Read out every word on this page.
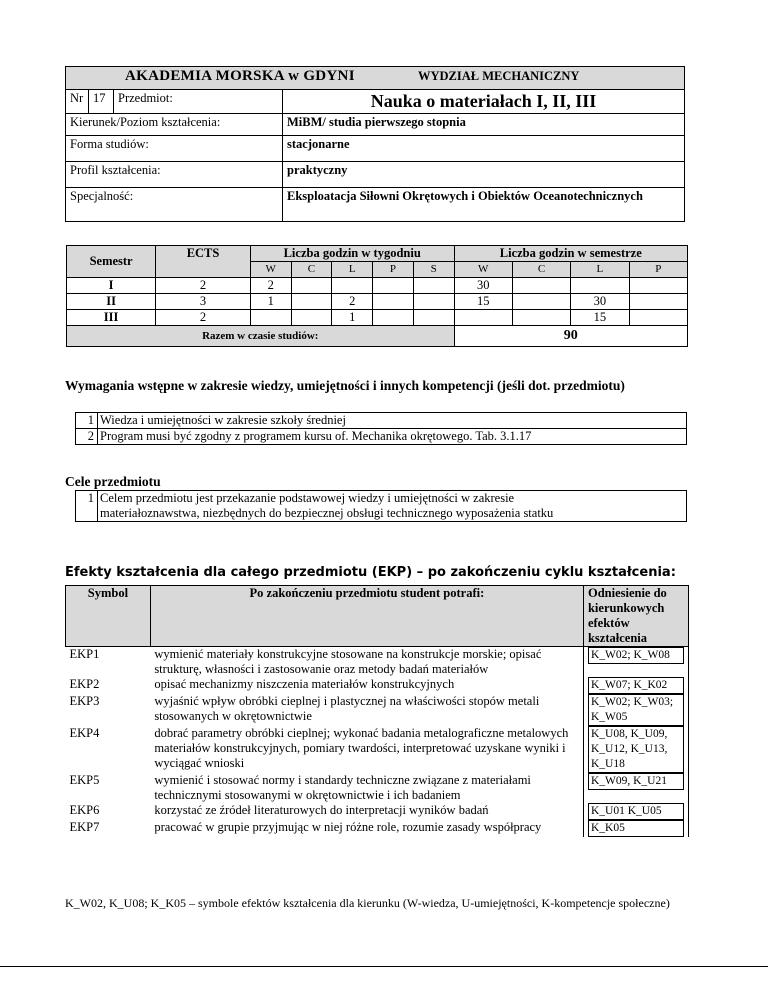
AKADEMIA MORSKA w GDYNI WYDZIAŁ MECHANICZNY			
Nr	17	Przedmiot:	Nauka o materiałach I, II, III
Kierunek/Poziom kształcenia:			MiBM/ studia pierwszego stopnia
Forma studiów:			stacjonarne
Profil kształcenia:			praktyczny
Specjalność:			Eksploatacja Siłowni Okrętowych i Obiektów Oceanotechnicznych
Semestr	ECTS	Liczba godzin w tygodniu					Liczba godzin w semestrze			
		W	C	L	P	S	W	C	L	P
I	2	2					30			
II	3	1		2			15		30	
III	2			1					15	
Razem w czasie studiów:							90			
Wymagania wstępne w zakresie wiedzy, umiejętności i innych kompetencji (jeśli dot. przedmiotu)
1	Wiedza i umiejętności w zakresie szkoły średniej
2	Program musi być zgodny z programem kursu of. Mechanika okrętowego. Tab. 3.1.17
Cele przedmiotu
1	Celem przedmiotu jest przekazanie podstawowej wiedzy i umiejętności w zakresie materiałoznawstwa, niezbędnych do bezpiecznej obsługi technicznego wyposażenia statku
Efekty kształcenia dla całego przedmiotu (EKP) – po zakończeniu cyklu kształcenia:
Symbol	Po zakończeniu przedmiotu student potrafi:	Odniesienie do kierunkowych efektów kształcenia
EKP1	wymienić materiały konstrukcyjne stosowane na konstrukcje morskie; opisać strukturę, własności i zastosowanie oraz metody badań materiałów	K_W02; K_W08

EKP2	opisać mechanizmy niszczenia materiałów konstrukcyjnych	K_W07; K_K02

EKP3	wyjaśnić wpływ obróbki cieplnej i plastycznej na właściwości stopów metali stosowanych w okrętownictwie	K_W02; K_W03; K_W05

EKP4	dobrać parametry obróbki cieplnej; wykonać badania metalograficzne metalowych materiałów konstrukcyjnych, pomiary twardości, interpretować uzyskane wyniki i wyciągać wnioski	K_U08, K_U09, K_U12, K_U13, K_U18

EKP5	wymienić i stosować normy i standardy techniczne związane z materiałami technicznymi stosowanymi w okrętownictwie i ich badaniem	K_W09, K_U21

EKP6	korzystać ze źródeł literaturowych do interpretacji wyników badań	K_U01 K_U05

EKP7	pracować w grupie przyjmując w niej różne role, rozumie zasady współpracy	K_K05
K_W02, K_U08; K_K05 – symbole efektów kształcenia dla kierunku (W-wiedza, U-umiejętności, K-kompetencje społeczne)
